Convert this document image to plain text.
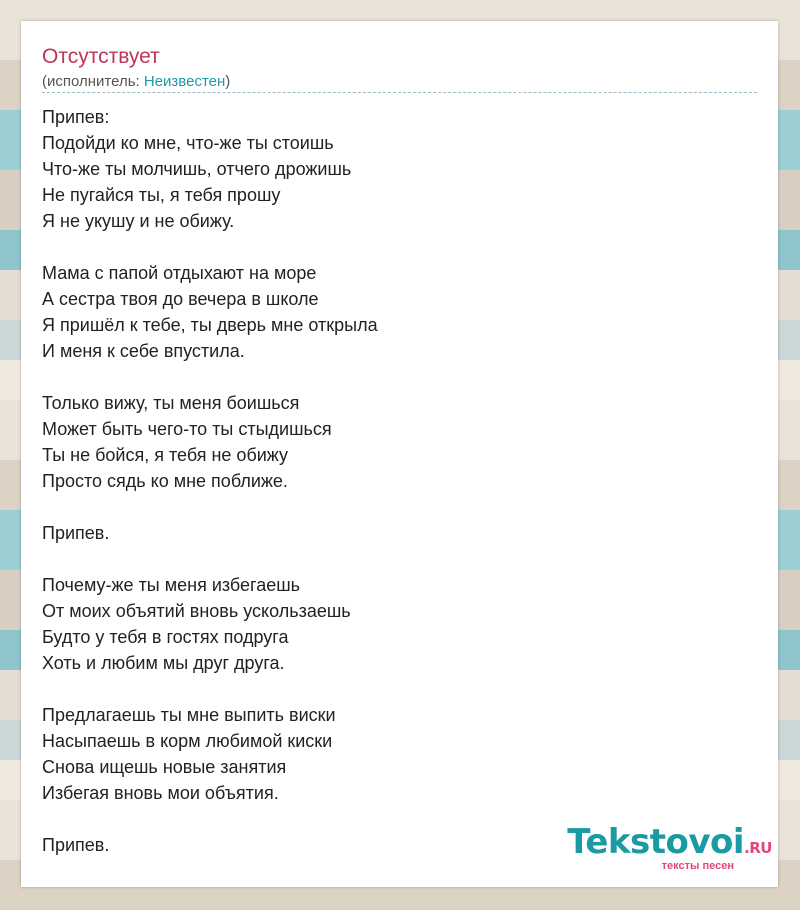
Отсутствует
(исполнитель: Неизвестен)
Припев:
Подойди ко мне, что-же ты стоишь
Что-же ты молчишь, отчего дрожишь
Не пугайся ты, я тебя прошу
Я не укушу и не обижу.
Мама с папой отдыхают на море
А сестра твоя до вечера в школе
Я пришёл к тебе, ты дверь мне открыла
И меня к себе впустила.
Только вижу, ты меня боишься
Может быть чего-то ты стыдишься
Ты не бойся, я тебя не обижу
Просто сядь ко мне поближе.
Припев.
Почему-же ты меня избегаешь
От моих объятий вновь ускользаешь
Будто у тебя в гостях подруга
Хоть и любим мы друг друга.
Предлагаешь ты мне выпить виски
Насыпаешь в корм любимой киски
Снова ищешь новые занятия
Избегая вновь мои объятия.
Припев.	Tekstovoi.RU
тексты песен
